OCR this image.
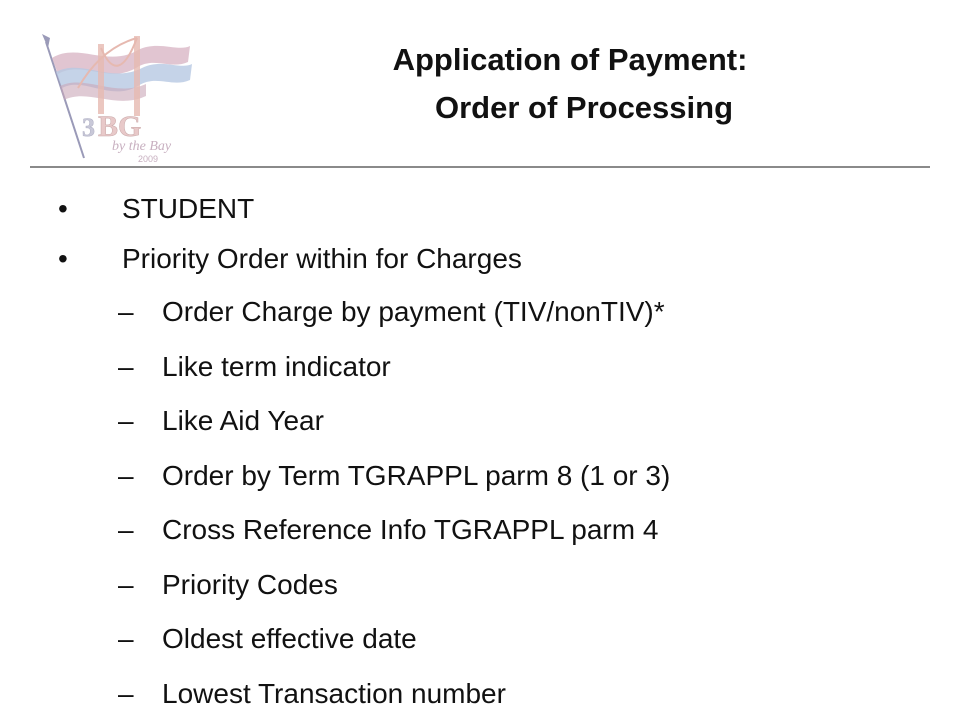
3 BG
by the Bay
2009
Application of Payment:
Order of Processing
•	STUDENT
•	Priority Order within for Charges
– Order Charge by payment (TIV/nonTIV)*
– Like term indicator
– Like Aid Year
– Order by Term TGRAPPL parm 8 (1 or 3)
– Cross Reference Info TGRAPPL parm 4
– Priority Codes
– Oldest effective date
– Lowest Transaction number
